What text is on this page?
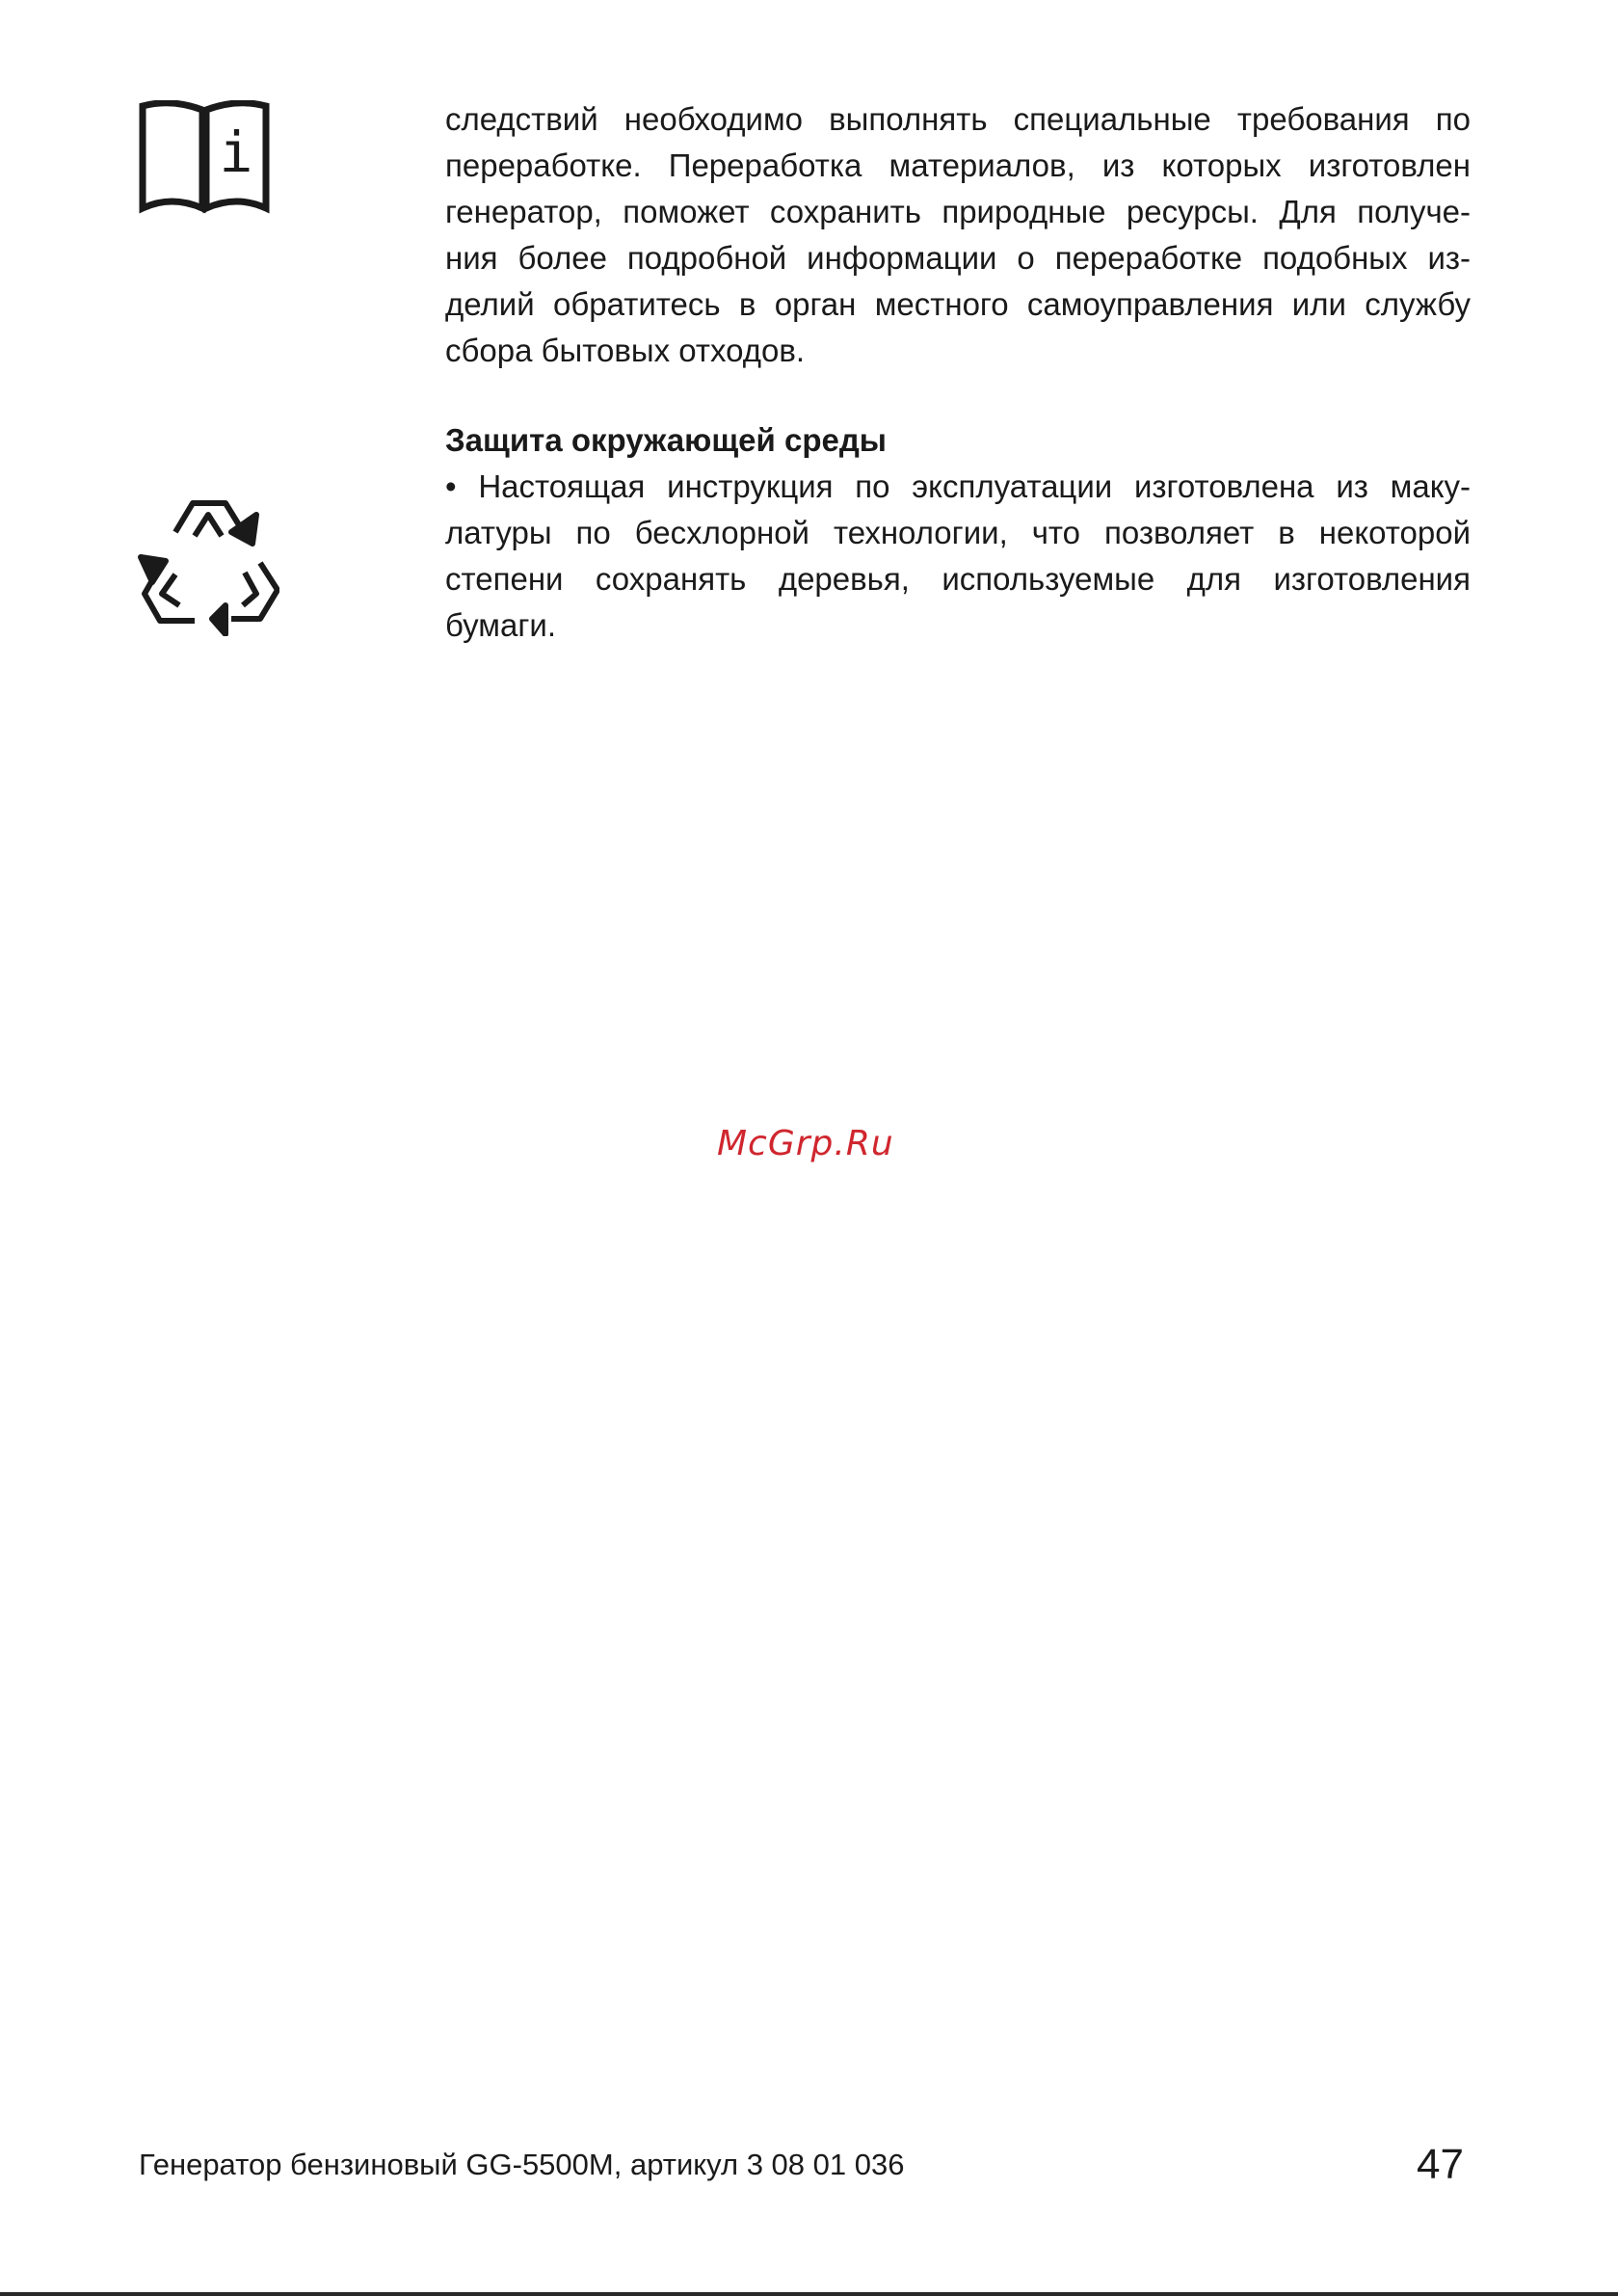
i
следствий необходимо выполнять специальные требования по
переработке. Переработка материалов, из которых изготовлен
генератор, поможет сохранить природные ресурсы. Для получе-
ния более подробной информации о переработке подобных из-
делий обратитесь в орган местного самоуправления или службу
сбора бытовых отходов.
Защита окружающей среды
• Настоящая инструкция по эксплуатации изготовлена из маку-
латуры по бесхлорной технологии, что позволяет в некоторой
степени сохранять деревья, используемые для изготовления
бумаги.
McGrp.Ru
Генератор бензиновый GG-5500M, артикул 3 08 01 036	47
